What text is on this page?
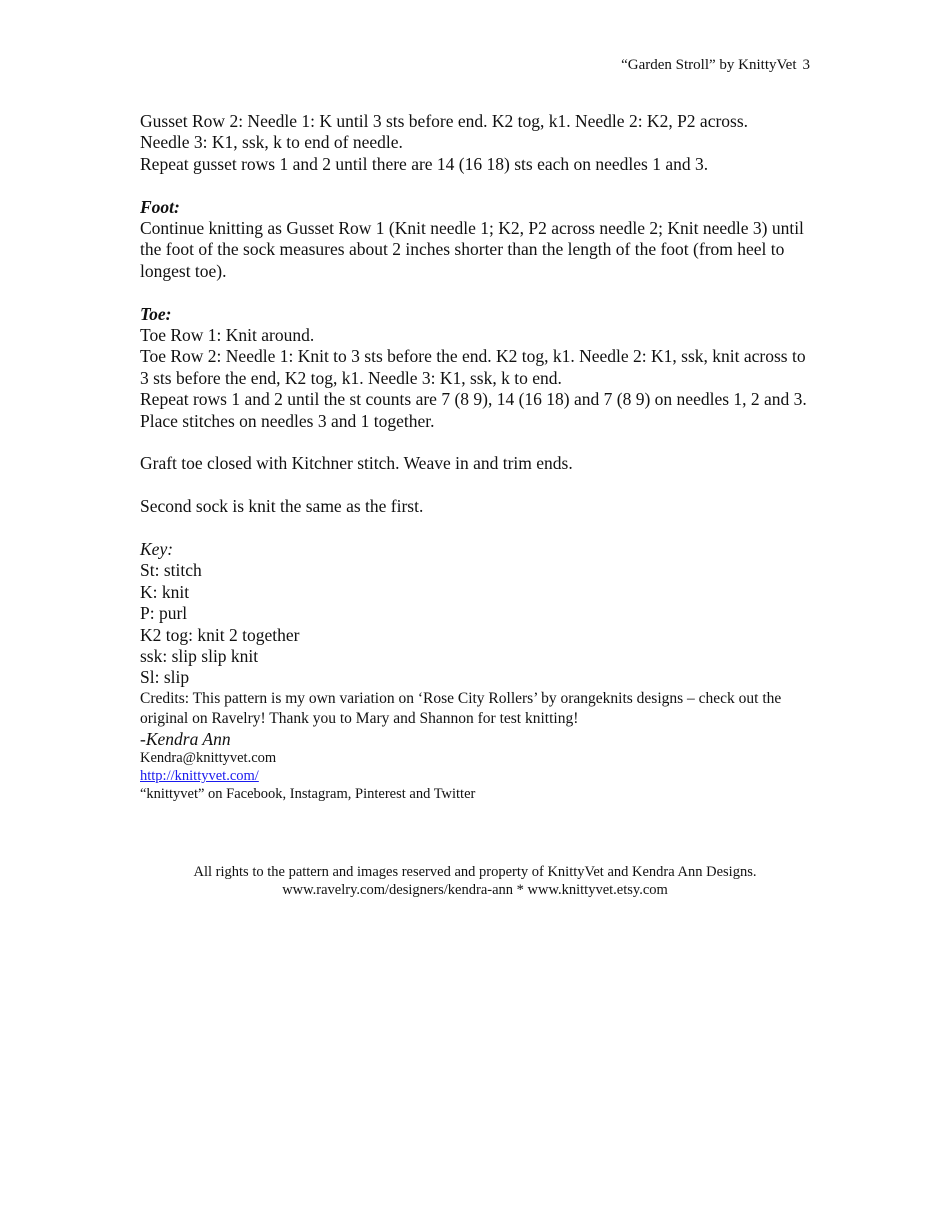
“Garden Stroll” by KnittyVet 3

Gusset Row 2: Needle 1: K until 3 sts before end. K2 tog, k1. Needle 2: K2, P2 across.

Needle 3: K1, ssk, k to end of needle.

Repeat gusset rows 1 and 2 until there are 14 (16 18) sts each on needles 1 and 3.

Foot:

Continue knitting as Gusset Row 1 (Knit needle 1; K2, P2 across needle 2; Knit needle 3) until the foot of the sock measures about 2 inches shorter than the length of the foot (from heel to longest toe).

Toe:

Toe Row 1: Knit around.

Toe Row 2: Needle 1: Knit to 3 sts before the end. K2 tog, k1. Needle 2: K1, ssk, knit across to 3 sts before the end, K2 tog, k1. Needle 3: K1, ssk, k to end.

Repeat rows 1 and 2 until the st counts are 7 (8 9), 14 (16 18) and 7 (8 9) on needles 1, 2 and 3. Place stitches on needles 3 and 1 together.

Graft toe closed with Kitchner stitch. Weave in and trim ends.

Second sock is knit the same as the first.

Key:

St: stitch

K: knit

P: purl

K2 tog: knit 2 together

ssk: slip slip knit

Sl: slip

Credits: This pattern is my own variation on ‘Rose City Rollers’ by orangeknits designs – check out the original on Ravelry! Thank you to Mary and Shannon for test knitting!

-Kendra Ann

Kendra@knittyvet.com

http://knittyvet.com/

“knittyvet” on Facebook, Instagram, Pinterest and Twitter

All rights to the pattern and images reserved and property of KnittyVet and Kendra Ann Designs.

www.ravelry.com/designers/kendra-ann * www.knittyvet.etsy.com
